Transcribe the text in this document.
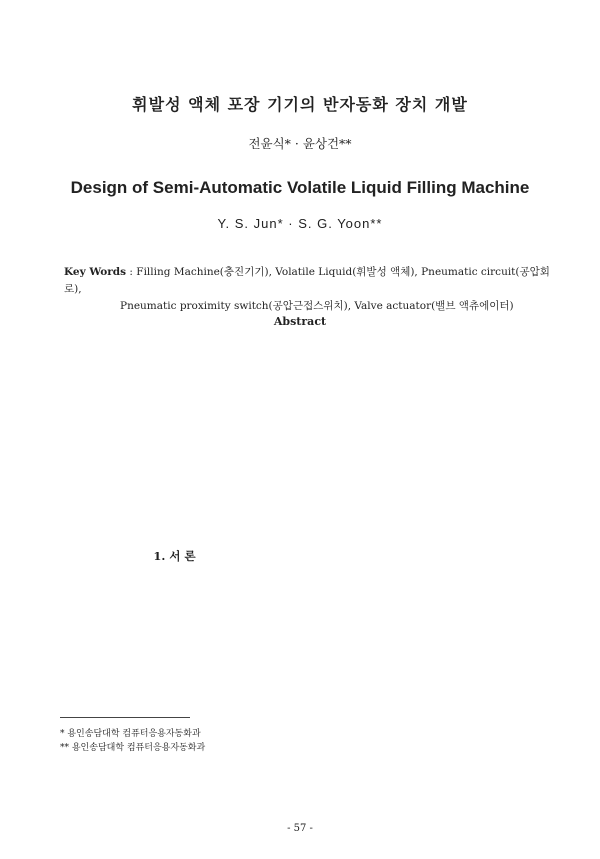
휘발성 액체 포장 기기의 반자동화 장치 개발
전윤식* · 윤상건**
Design of Semi-Automatic Volatile Liquid Filling Machine
Y. S. Jun* · S. G. Yoon**
Key Words : Filling Machine(충진기기), Volatile Liquid(휘발성 액체), Pneumatic circuit(공압회로),
Pneumatic proximity switch(공압근접스위치), Valve actuator(밸브 액츄에이터)
Abstract
1. 서 론
* 용인송담대학 컴퓨터응용자동화과
** 용인송담대학 컴퓨터응용자동화과
- 57 -
